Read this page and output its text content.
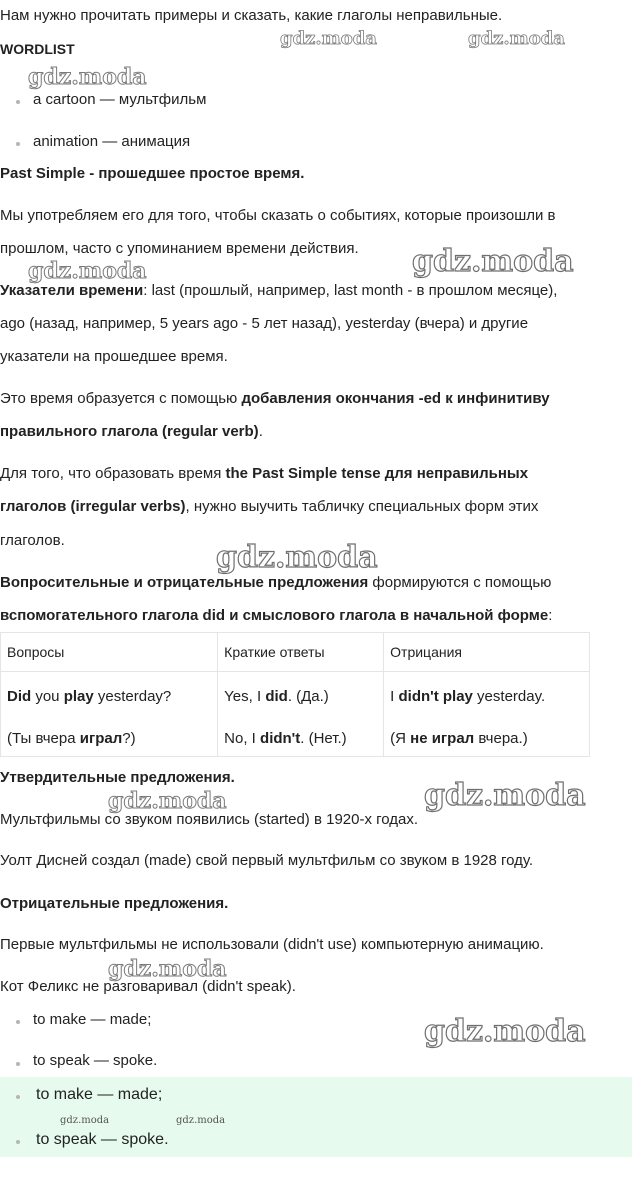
Нам нужно прочитать примеры и сказать, какие глаголы неправильные.
WORDLIST
a cartoon — мультфильм
animation — анимация
Past Simple - прошедшее простое время.
Мы употребляем его для того, чтобы сказать о событиях, которые произошли в
прошлом, часто с упоминанием времени действия.
Указатели времени: last (прошлый, например, last month - в прошлом месяце),
ago (назад, например, 5 years ago - 5 лет назад), yesterday (вчера) и другие
указатели на прошедшее время.
Это время образуется с помощью добавления окончания -ed к инфинитиву
правильного глагола (regular verb).
Для того, что образовать время the Past Simple tense для неправильных
глаголов (irregular verbs), нужно выучить табличку специальных форм этих
глаголов.
Вопросительные и отрицательные предложения формируются с помощью
вспомогательного глагола did и смыслового глагола в начальной форме:
Вопросы	Краткие ответы	Отрицания
Did you play yesterday?	Yes, I did. (Да.)	I didn't play yesterday.
(Ты вчера играл?)	No, I didn't. (Нет.)	(Я не играл вчера.)
Утвердительные предложения.
Мультфильмы со звуком появились (started) в 1920-х годах.
Уолт Дисней создал (made) свой первый мультфильм со звуком в 1928 году.
Отрицательные предложения.
Первые мультфильмы не использовали (didn't use) компьютерную анимацию.
Кот Феликс не разговаривал (didn't speak).
to make — made;
to speak — spoke.
to make — made;
to speak — spoke.
gdz.moda	gdz.moda
gdz.moda	gdz.moda
gdz.moda
gdz.moda	gdz.moda
gdz.moda
gdz.moda	gdz.moda
gdz.moda
gdz.moda
